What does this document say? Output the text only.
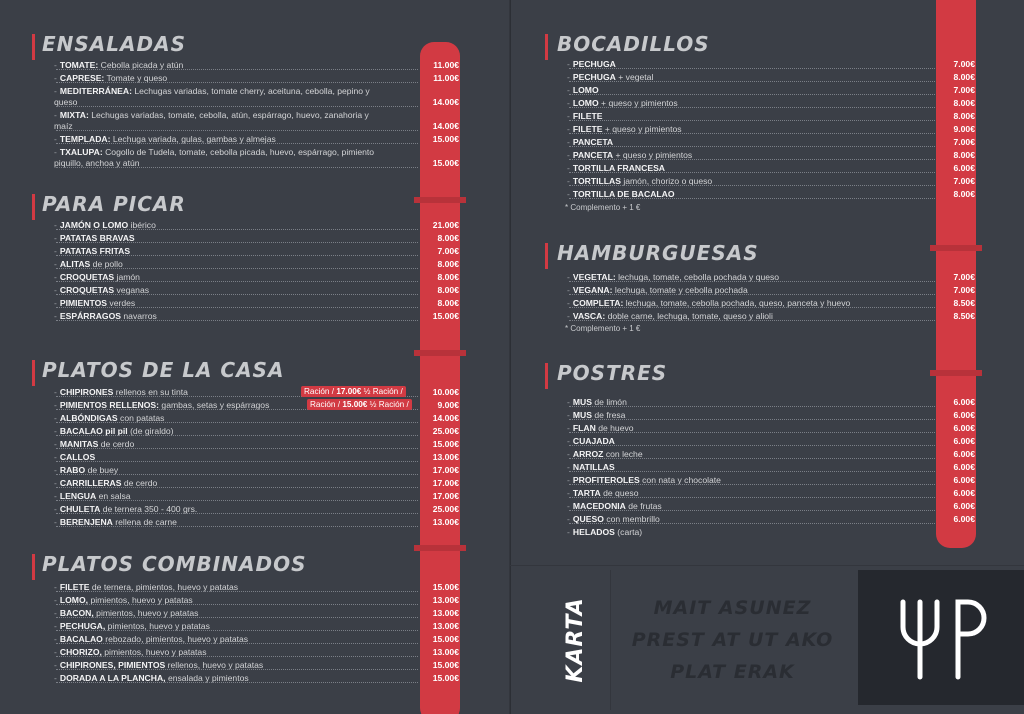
ENSALADAS
- TOMATE: Cebolla picada y atún	11.00€
- CAPRESE: Tomate y queso	11.00€
- MEDITERRÁNEA: Lechugas variadas, tomate cherry, aceituna, cebolla, pepino y queso	14.00€
- MIXTA: Lechugas variadas, tomate, cebolla, atún, espárrago, huevo, zanahoria y maíz	14.00€
- TEMPLADA: Lechuga variada, gulas, gambas y almejas	15.00€
- TXALUPA: Cogollo de Tudela, tomate, cebolla picada, huevo, espárrago, pimiento piquillo, anchoa y atún	15.00€
PARA PICAR
- JAMÓN O LOMO ibérico	21.00€
- PATATAS BRAVAS	8.00€
- PATATAS FRITAS	7.00€
- ALITAS de pollo	8.00€
- CROQUETAS jamón	8.00€
- CROQUETAS veganas	8.00€
- PIMIENTOS verdes	8.00€
- ESPÁRRAGOS navarros	15.00€
PLATOS DE LA CASA
- CHIPIRONES rellenos en su tinta	10.00€
Ración / 17.00€ ½ Ración /
- PIMIENTOS RELLENOS: gambas, setas y espárragos	9.00€
Ración / 15.00€ ½ Ración /
- ALBÓNDIGAS con patatas	14.00€
- BACALAO pil pil (de giraldo)	25.00€
- MANITAS de cerdo	15.00€
- CALLOS	13.00€
- RABO de buey	17.00€
- CARRILLERAS de cerdo	17.00€
- LENGUA en salsa	17.00€
- CHULETA de ternera 350 - 400 grs.	25.00€
- BERENJENA rellena de carne	13.00€
PLATOS COMBINADOS
- FILETE de ternera, pimientos, huevo y patatas	15.00€
- LOMO, pimientos, huevo y patatas	13.00€
- BACON, pimientos, huevo y patatas	13.00€
- PECHUGA, pimientos, huevo y patatas	13.00€
- BACALAO rebozado, pimientos, huevo y patatas	15.00€
- CHORIZO, pimientos, huevo y patatas	13.00€
- CHIPIRONES, PIMIENTOS rellenos, huevo y patatas	15.00€
- DORADA A LA PLANCHA, ensalada y pimientos	15.00€
BOCADILLOS
- PECHUGA	7.00€
- PECHUGA + vegetal	8.00€
- LOMO	7.00€
- LOMO + queso y pimientos	8.00€
- FILETE	8.00€
- FILETE + queso y pimientos	9.00€
- PANCETA	7.00€
- PANCETA + queso y pimientos	8.00€
- TORTILLA FRANCESA	6.00€
- TORTILLAS jamón, chorizo o queso	7.00€
- TORTILLA DE BACALAO	8.00€
* Complemento + 1 €
HAMBURGUESAS
- VEGETAL: lechuga, tomate, cebolla pochada y queso	7.00€
- VEGANA: lechuga, tomate y cebolla pochada	7.00€
- COMPLETA: lechuga, tomate, cebolla pochada, queso, panceta y huevo	8.50€
- VASCA: doble carne, lechuga, tomate, queso y alioli	8.50€
* Complemento + 1 €
POSTRES
- MUS de limón	6.00€
- MUS de fresa	6.00€
- FLAN de huevo	6.00€
- CUAJADA	6.00€
- ARROZ con leche	6.00€
- NATILLAS	6.00€
- PROFITEROLES con nata y chocolate	6.00€
- TARTA de queso	6.00€
- MACEDONIA de frutas	6.00€
- QUESO con membrillo	6.00€
- HELADOS (carta)
KARTA	MAIT ASUNEZ
PREST AT UT AKO
PLAT ERAK
